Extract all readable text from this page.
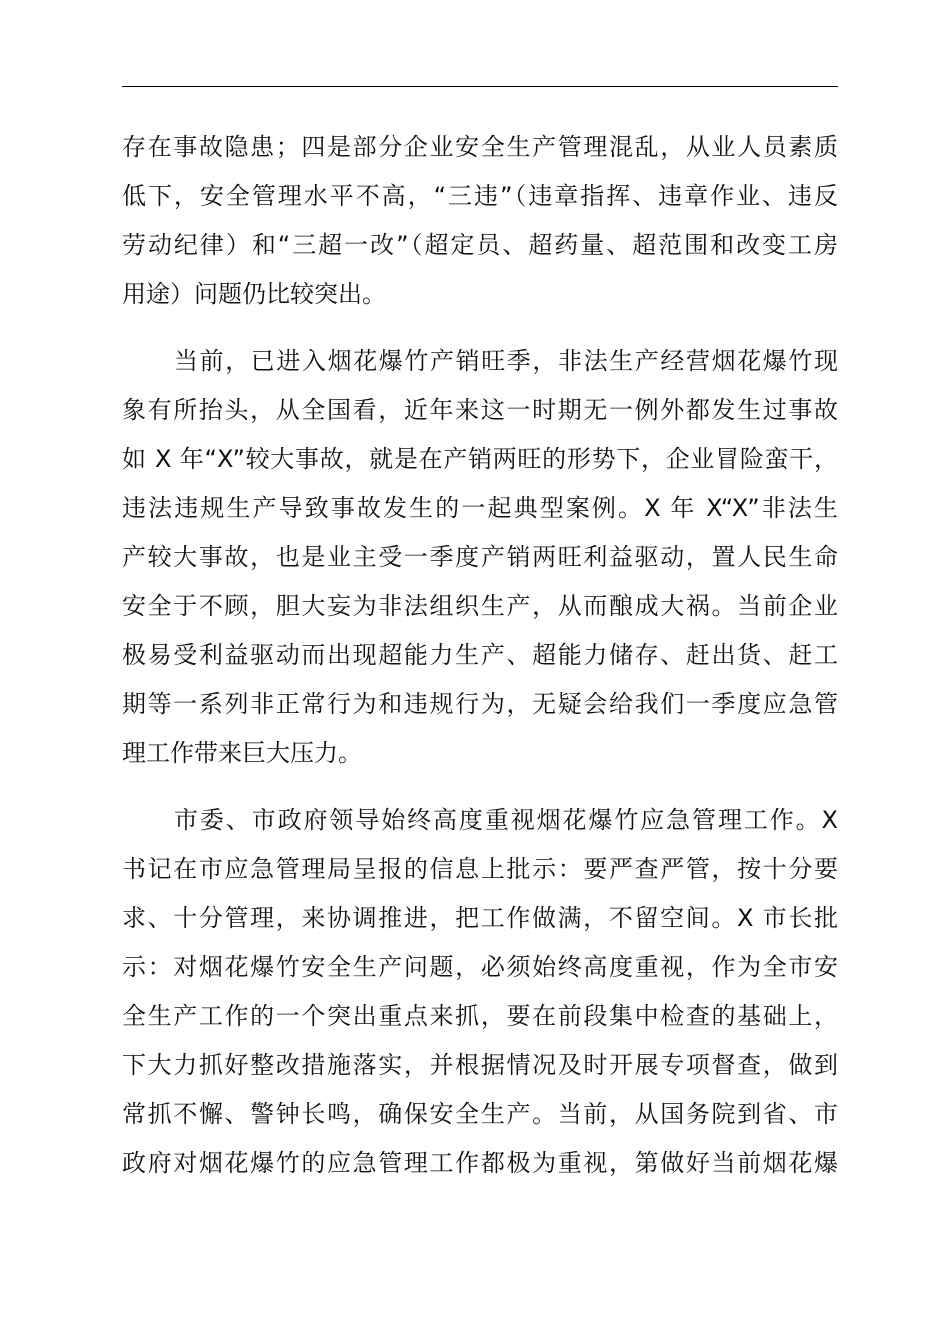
存在事故隐患；四是部分企业安全生产管理混乱，从业人员素质
低下，安全管理水平不高，“三违”（违章指挥、违章作业、违反
劳动纪律）和“三超一改”（超定员、超药量、超范围和改变工房
用途）问题仍比较突出。
当前，已进入烟花爆竹产销旺季，非法生产经营烟花爆竹现
象有所抬头，从全国看，近年来这一时期无一例外都发生过事故
如 X 年“X”较大事故，就是在产销两旺的形势下，企业冒险蛮干，
违法违规生产导致事故发生的一起典型案例。X 年 X“X”非法生
产较大事故，也是业主受一季度产销两旺利益驱动，置人民生命
安全于不顾，胆大妄为非法组织生产，从而酿成大祸。当前企业
极易受利益驱动而出现超能力生产、超能力储存、赶出货、赶工
期等一系列非正常行为和违规行为，无疑会给我们一季度应急管
理工作带来巨大压力。
市委、市政府领导始终高度重视烟花爆竹应急管理工作。X
书记在市应急管理局呈报的信息上批示：要严查严管，按十分要
求、十分管理，来协调推进，把工作做满，不留空间。X 市长批
示：对烟花爆竹安全生产问题，必须始终高度重视，作为全市安
全生产工作的一个突出重点来抓，要在前段集中检查的基础上，
下大力抓好整改措施落实，并根据情况及时开展专项督查，做到
常抓不懈、警钟长鸣，确保安全生产。当前，从国务院到省、市
政府对烟花爆竹的应急管理工作都极为重视，第做好当前烟花爆
